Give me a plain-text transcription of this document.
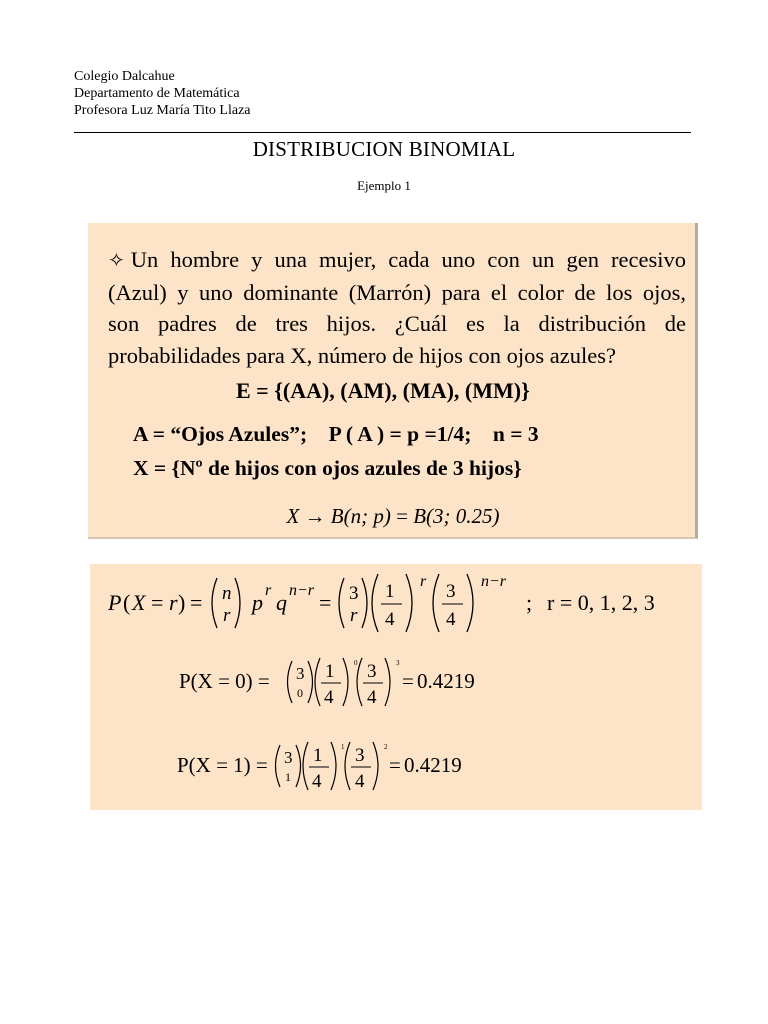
Colegio Dalcahue
Departamento de Matemática
Profesora Luz María Tito Llaza
DISTRIBUCION BINOMIAL
Ejemplo 1
✧ Un hombre y una mujer, cada uno con un gen recesivo
(Azul) y uno dominante (Marrón) para el color de los ojos,
son padres de tres hijos. ¿Cuál es la distribución de
probabilidades para X, número de hijos con ojos azules?
E = {(AA), (AM), (MA), (MM)}
A = “Ojos Azules”;    P ( A ) = p =1/4;    n = 3
X = {Nº de hijos con ojos azules de 3 hijos}
X → B(n; p) = B(3; 0.25)
P ( X = r ) = n
r
p r q n−r = 3
r
1
4
r 3
4
n−r
; r = 0, 1, 2, 3
P(X = 0) = 3
0
1
4
0 3
4
3
= 0.4219
P(X = 1) = 3
1
1
4
1 3
4
2
= 0.4219
